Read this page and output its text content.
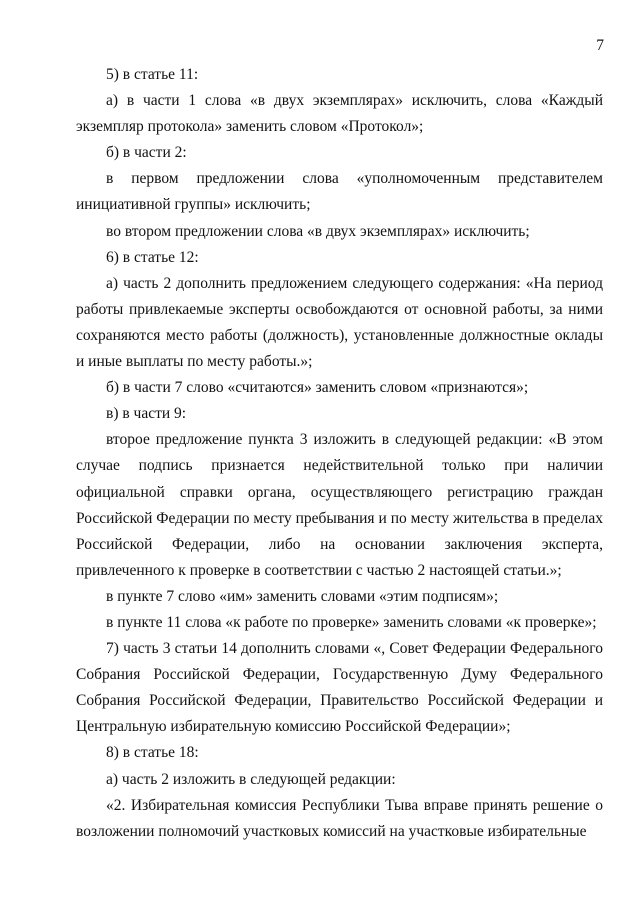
7

5) в статье 11:

а) в части 1 слова «в двух экземплярах» исключить, слова «Каждый экземпляр протокола» заменить словом «Протокол»;

б) в части 2:

в первом предложении слова «уполномоченным представителем инициативной группы» исключить;

во втором предложении слова «в двух экземплярах» исключить;

6) в статье 12:

а) часть 2 дополнить предложением следующего содержания: «На период работы привлекаемые эксперты освобождаются от основной работы, за ними сохраняются место работы (должность), установленные должностные оклады и иные выплаты по месту работы.»;

б) в части 7 слово «считаются» заменить словом «признаются»;

в) в части 9:

второе предложение пункта 3 изложить в следующей редакции: «В этом случае подпись признается недействительной только при наличии официальной справки органа, осуществляющего регистрацию граждан Российской Федерации по месту пребывания и по месту жительства в пределах Российской Федерации, либо на основании заключения эксперта, привлеченного к проверке в соответствии с частью 2 настоящей статьи.»;

в пункте 7 слово «им» заменить словами «этим подписям»;

в пункте 11 слова «к работе по проверке» заменить словами «к проверке»;

7) часть 3 статьи 14 дополнить словами «, Совет Федерации Федерального Собрания Российской Федерации, Государственную Думу Федерального Собрания Российской Федерации, Правительство Российской Федерации и Центральную избирательную комиссию Российской Федерации»;

8) в статье 18:

а) часть 2 изложить в следующей редакции:

«2. Избирательная комиссия Республики Тыва вправе принять решение о возложении полномочий участковых комиссий на участковые избирательные
